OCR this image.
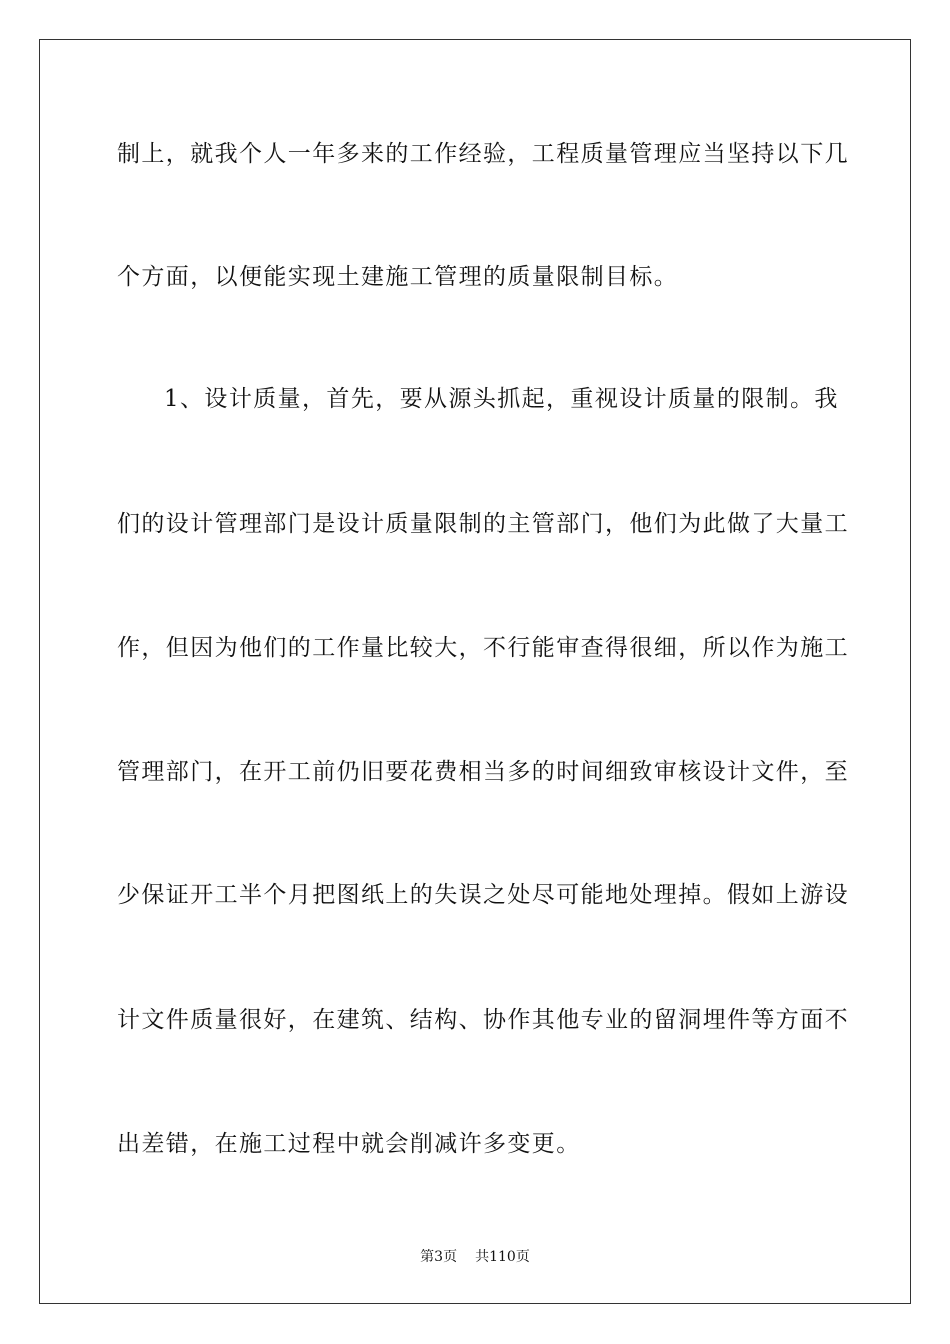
制上，就我个人一年多来的工作经验，工程质量管理应当坚持以下几
个方面，以便能实现土建施工管理的质量限制目标。
1、设计质量，首先，要从源头抓起，重视设计质量的限制。我
们的设计管理部门是设计质量限制的主管部门，他们为此做了大量工
作，但因为他们的工作量比较大，不行能审查得很细，所以作为施工
管理部门，在开工前仍旧要花费相当多的时间细致审核设计文件，至
少保证开工半个月把图纸上的失误之处尽可能地处理掉。假如上游设
计文件质量很好，在建筑、结构、协作其他专业的留洞埋件等方面不
出差错，在施工过程中就会削减许多变更。
第3页 共110页
